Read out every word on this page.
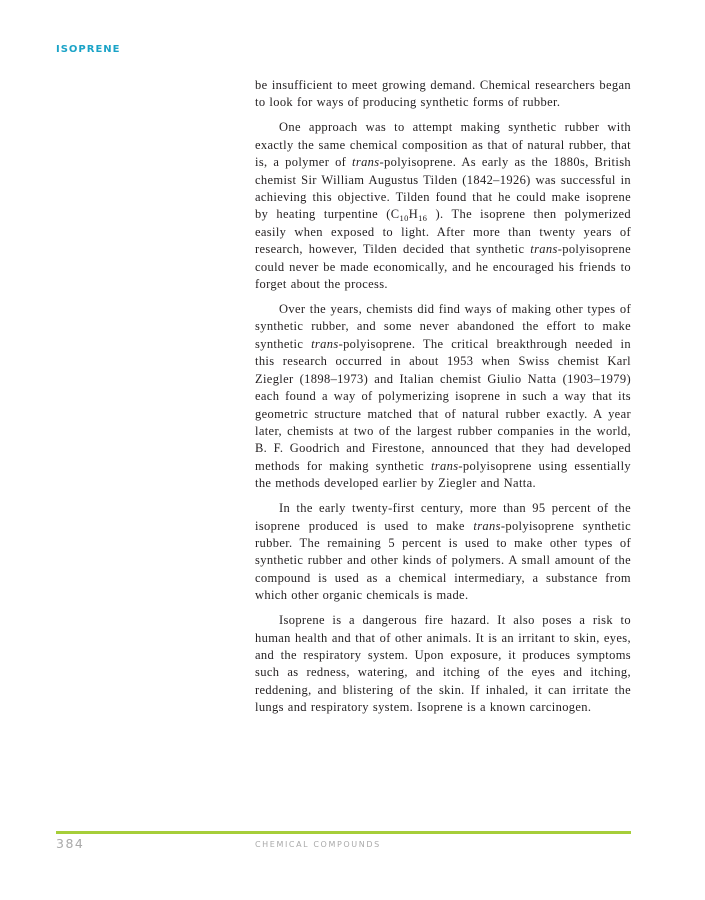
ISOPRENE

be insufficient to meet growing demand. Chemical researchers began to look for ways of producing synthetic forms of rubber.

One approach was to attempt making synthetic rubber with exactly the same chemical composition as that of natural rubber, that is, a polymer of trans-polyisoprene. As early as the 1880s, British chemist Sir William Augustus Tilden (1842–1926) was successful in achieving this objective. Tilden found that he could make isoprene by heating turpentine ($C_{10}H_{16}$ ). The isoprene then polymerized easily when exposed to light. After more than twenty years of research, however, Tilden decided that synthetic trans-polyisoprene could never be made economically, and he encouraged his friends to forget about the process.

Over the years, chemists did find ways of making other types of synthetic rubber, and some never abandoned the effort to make synthetic trans-polyisoprene. The critical breakthrough needed in this research occurred in about 1953 when Swiss chemist Karl Ziegler (1898–1973) and Italian chemist Giulio Natta (1903–1979) each found a way of polymerizing isoprene in such a way that its geometric structure matched that of natural rubber exactly. A year later, chemists at two of the largest rubber companies in the world, B. F. Goodrich and Firestone, announced that they had developed methods for making synthetic trans-polyisoprene using essentially the methods developed earlier by Ziegler and Natta.

In the early twenty-first century, more than 95 percent of the isoprene produced is used to make trans-polyisoprene synthetic rubber. The remaining 5 percent is used to make other types of synthetic rubber and other kinds of polymers. A small amount of the compound is used as a chemical intermediary, a substance from which other organic chemicals is made.

Isoprene is a dangerous fire hazard. It also poses a risk to human health and that of other animals. It is an irritant to skin, eyes, and the respiratory system. Upon exposure, it produces symptoms such as redness, watering, and itching of the eyes and itching, reddening, and blistering of the skin. If inhaled, it can irritate the lungs and respiratory system. Isoprene is a known carcinogen.

384	CHEMICAL COMPOUNDS
